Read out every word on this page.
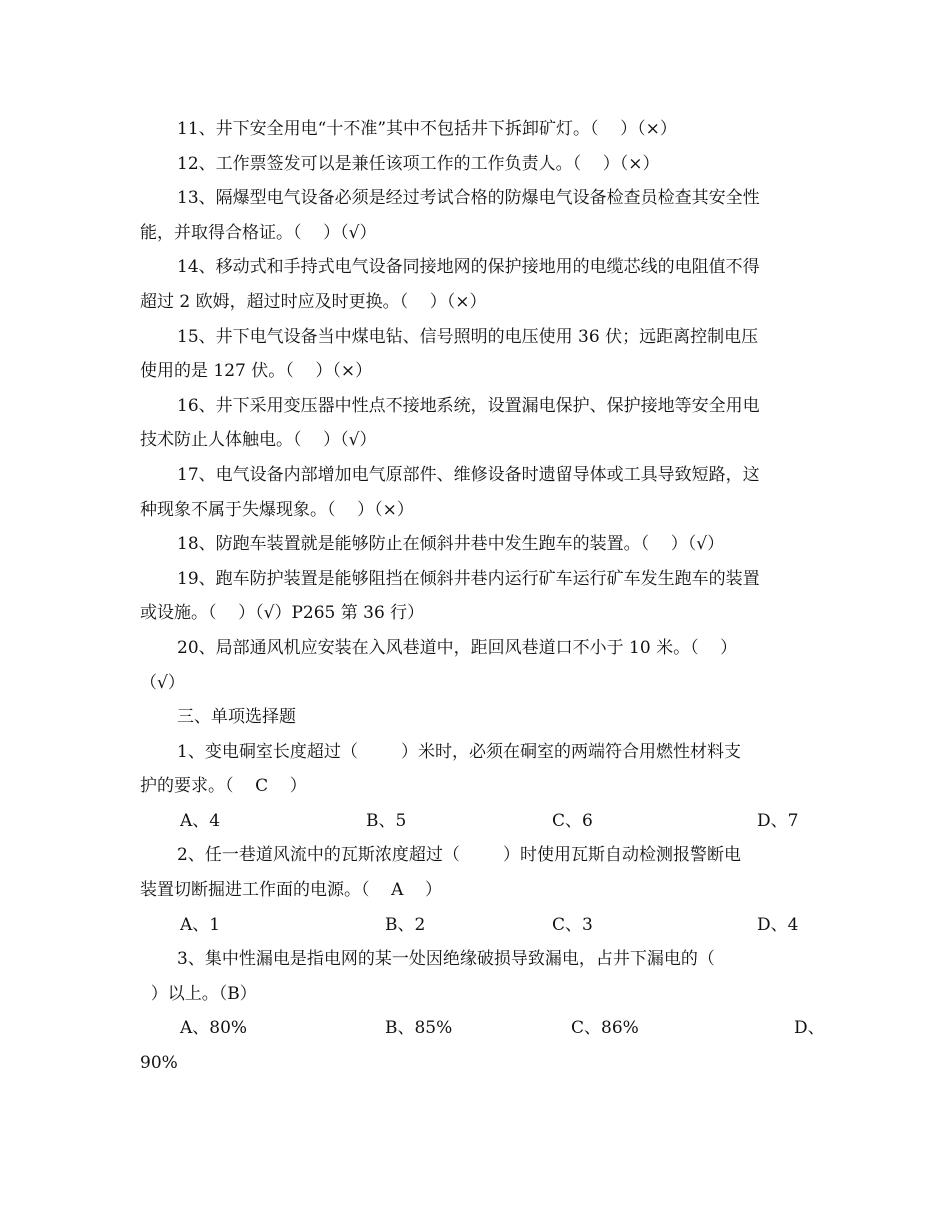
11、井下安全用电“十不准”其中不包括井下拆卸矿灯。（    ）（×）
12、工作票签发可以是兼任该项工作的工作负责人。（    ）（×）
13、隔爆型电气设备必须是经过考试合格的防爆电气设备检查员检查其安全性
能，并取得合格证。（    ）（√）
14、移动式和手持式电气设备同接地网的保护接地用的电缆芯线的电阻值不得
超过 2 欧姆，超过时应及时更换。（    ）（×）
15、井下电气设备当中煤电钻、信号照明的电压使用 36 伏；远距离控制电压
使用的是 127 伏。（    ）（×）
16、井下采用变压器中性点不接地系统，设置漏电保护、保护接地等安全用电
技术防止人体触电。（    ）（√）
17、电气设备内部增加电气原部件、维修设备时遗留导体或工具导致短路，这
种现象不属于失爆现象。（    ）（×）
18、防跑车装置就是能够防止在倾斜井巷中发生跑车的装置。（    ）（√）
19、跑车防护装置是能够阻挡在倾斜井巷内运行矿车运行矿车发生跑车的装置
或设施。（    ）（√）P265 第 36 行）
20、局部通风机应安装在入风巷道中，距回风巷道口不小于 10 米。（    ）
（√）
三、单项选择题
1、变电硐室长度超过（        ）米时，必须在硐室的两端符合用燃性材料支
护的要求。（    C    ）
A、4	B、5	C、6	D、7
2、任一巷道风流中的瓦斯浓度超过（        ）时使用瓦斯自动检测报警断电
装置切断掘进工作面的电源。（    A    ）
A、1	B、2	C、3	D、4
3、集中性漏电是指电网的某一处因绝缘破损导致漏电，占井下漏电的（
）以上。（B）
A、80%	B、85%	C、86%	D、
90%
